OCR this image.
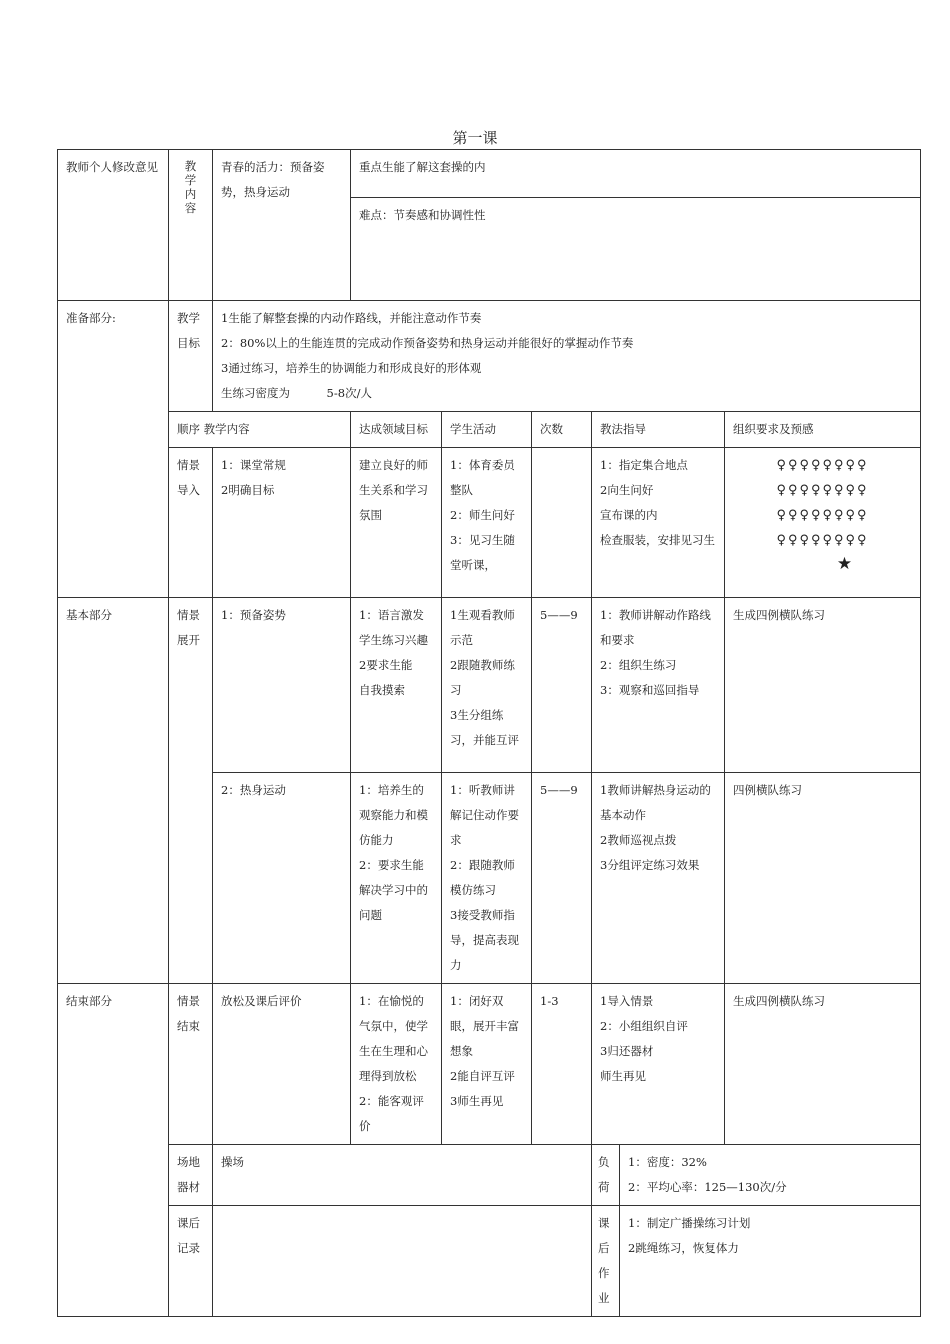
第一课
教师个人修改意见	教
学
内
容	青春的活力：预备姿势，热身运动	重点生能了解这套操的内					
			难点：节奏感和协调性性					
准备部分:	教学
目标	1生能了解整套操的内动作路线，并能注意动作节奏
2：80%以上的生能连贯的完成动作预备姿势和热身运动并能很好的掌握动作节奏
3通过练习，培养生的协调能力和形成良好的形体观
生练习密度为          5-8次/人						

	顺序 教学内容		达成领域目标	学生活动	次数	教法指导		组织要求及预感

	情景
导入	1：课堂常规
2明确目标	建立良好的师生关系和学习氛围	1：体育委员整队
2：师生问好
3：见习生随堂听课，		1：指定集合地点
2向生问好
宣布课的内
检查服装，安排见习生		♀♀♀♀♀♀♀♀
♀♀♀♀♀♀♀♀
♀♀♀♀♀♀♀♀
♀♀♀♀♀♀♀♀
★

基本部分	情景
展开	1：预备姿势	1：语言激发学生练习兴趣
2要求生能
自我摸索	1生观看教师示范
2跟随教师练习
3生分组练习，并能互评	5——9	1：教师讲解动作路线和要求
2：组织生练习
3：观察和巡回指导		生成四例横队练习
		2：热身运动	1：培养生的观察能力和模仿能力
2：要求生能
解决学习中的
问题	1：听教师讲解记住动作要求
2：跟随教师模仿练习
3接受教师指导，提高表现力	5——9	1教师讲解热身运动的基本动作
2教师巡视点拨
3分组评定练习效果		四例横队练习
结束部分	情景
结束	放松及课后评价	1：在愉悦的气氛中，使学生在生理和心理得到放松
2：能客观评价	1：闭好双眼，展开丰富想象
2能自评互评
3师生再见	1-3	1导入情景
2：小组组织自评
3归还器材
师生再见		生成四例横队练习

	场地
器材	操场				负
荷	1：密度：32%
2：平均心率：125—130次/分	

	课后
记录					课
后
作
业	1：制定广播操练习计划
2跳绳练习，恢复体力	
